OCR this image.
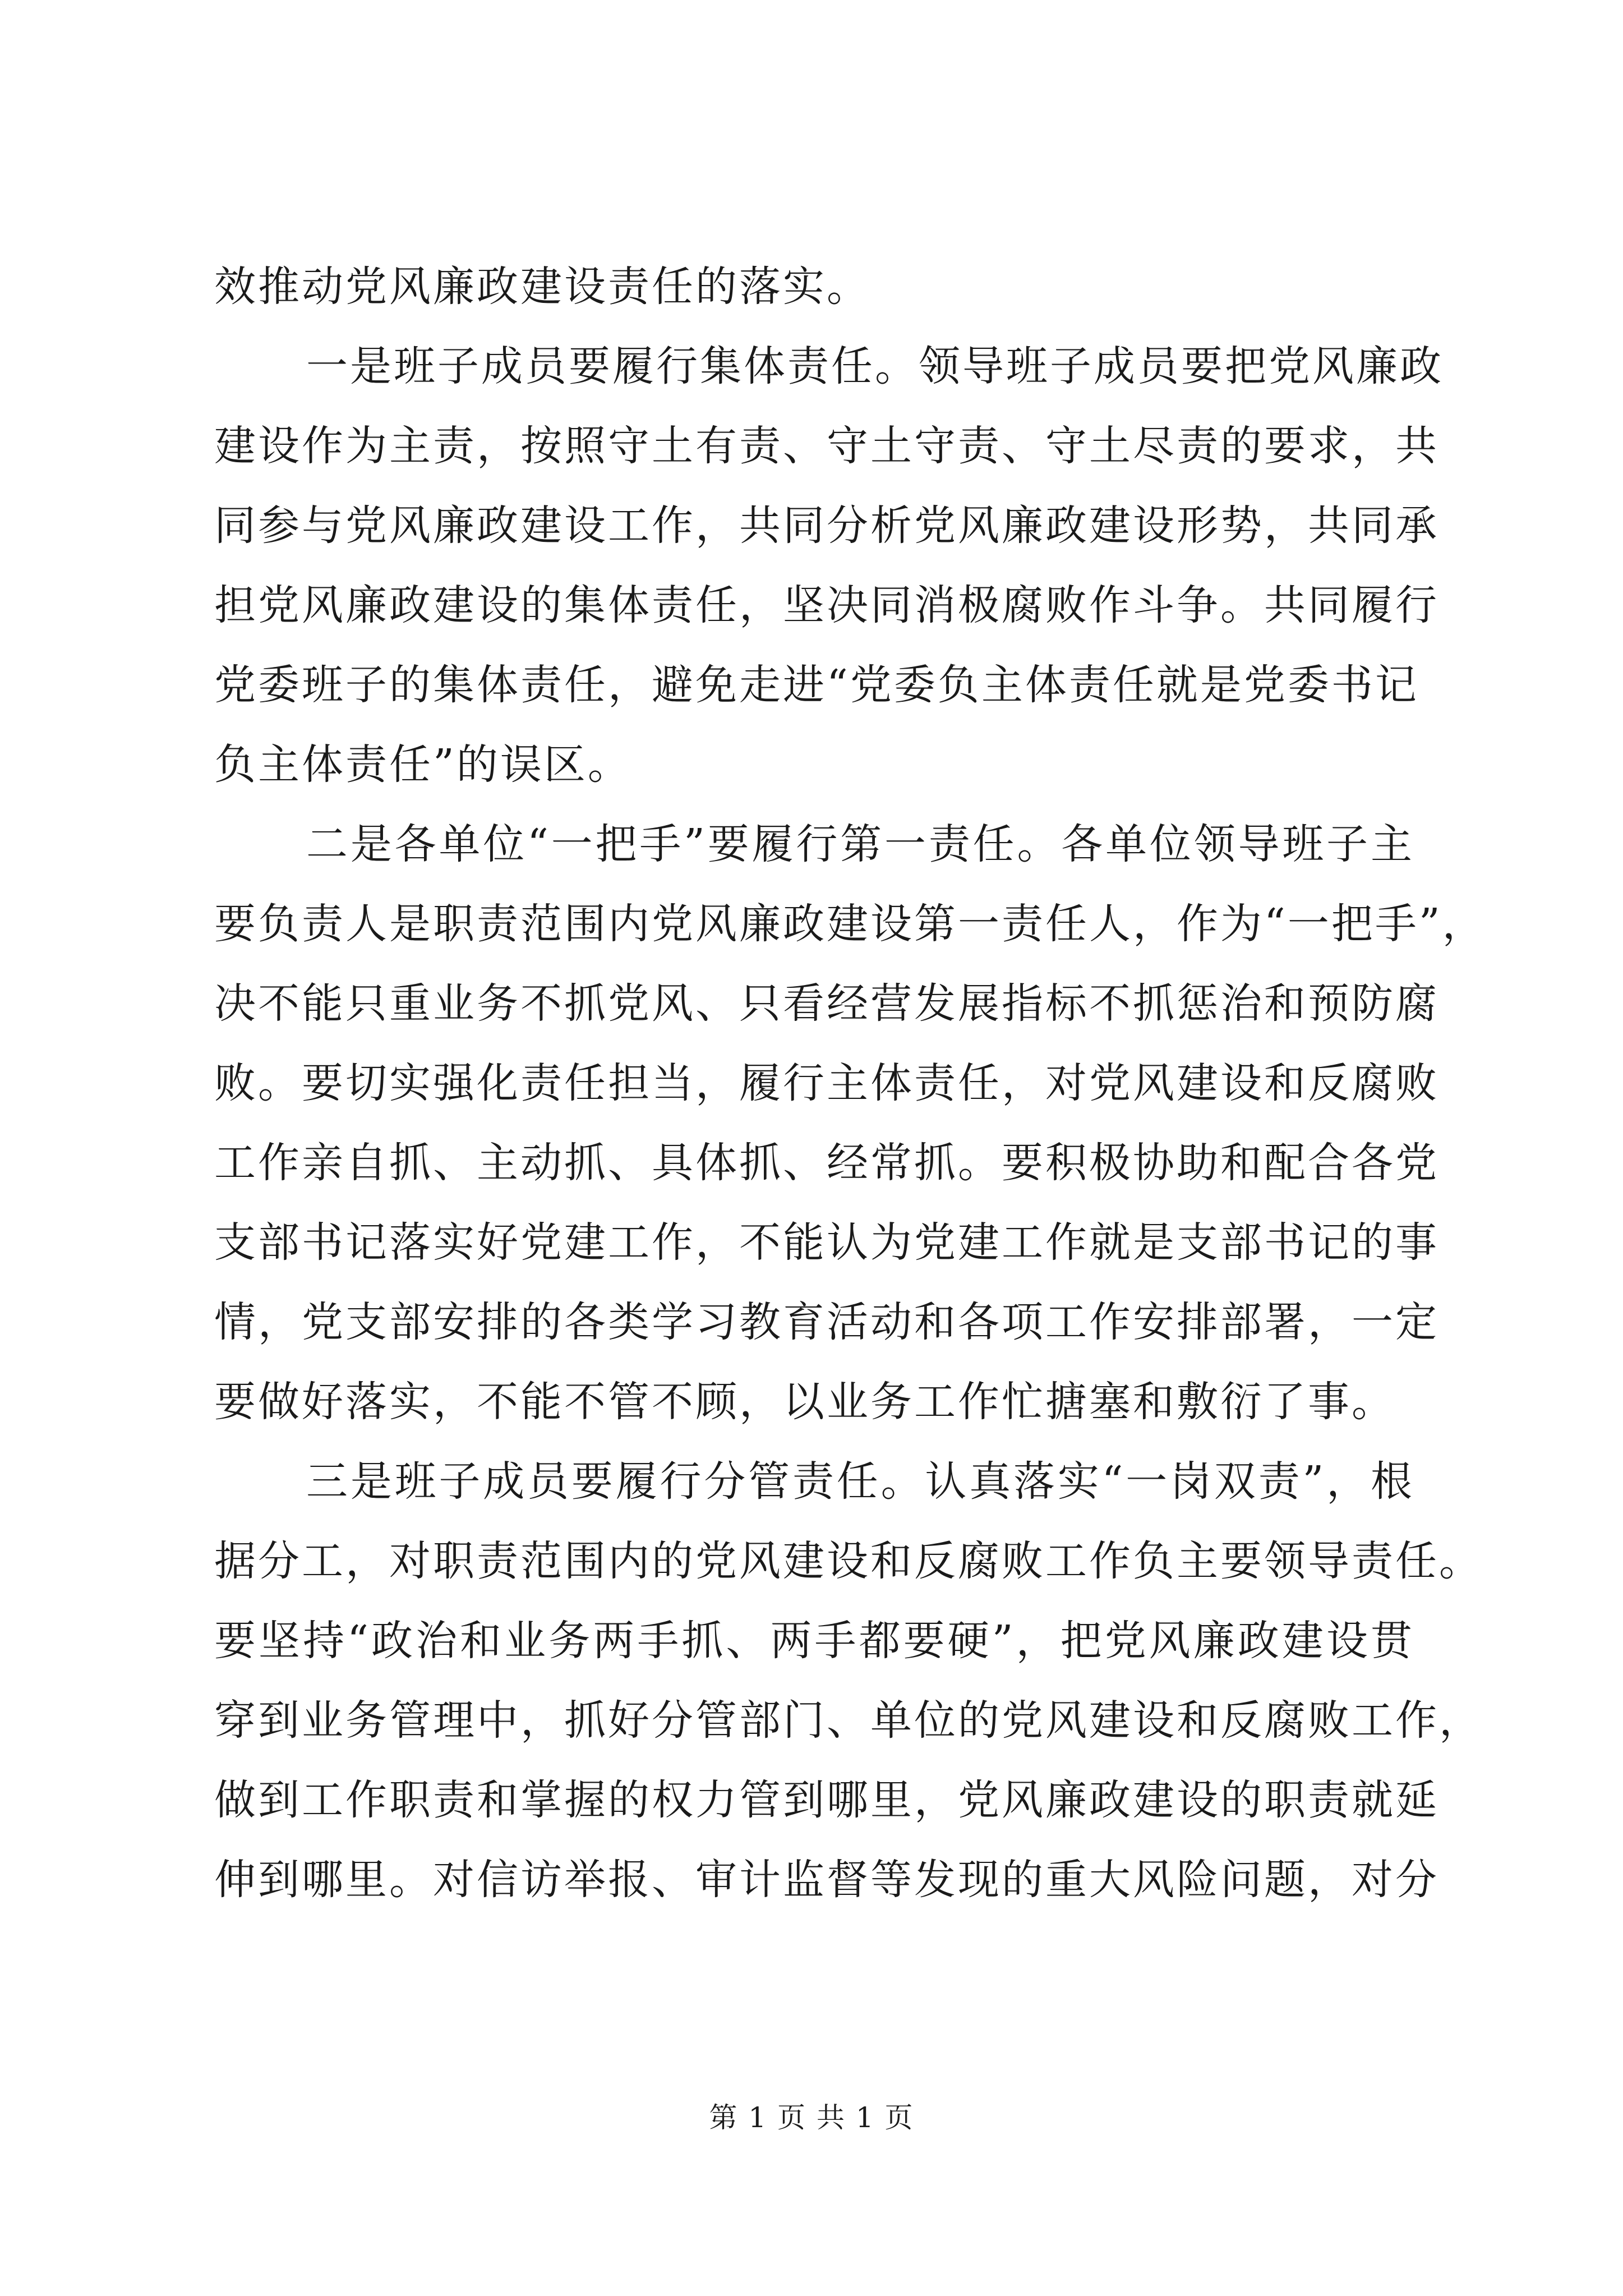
效推动党风廉政建设责任的落实。
一是班子成员要履行集体责任。领导班子成员要把党风廉政
建设作为主责，按照守土有责、守土守责、守土尽责的要求，共
同参与党风廉政建设工作，共同分析党风廉政建设形势，共同承
担党风廉政建设的集体责任，坚决同消极腐败作斗争。共同履行
党委班子的集体责任，避免走进“党委负主体责任就是党委书记
负主体责任”的误区。
二是各单位“一把手”要履行第一责任。各单位领导班子主
要负责人是职责范围内党风廉政建设第一责任人，作为“一把手”，
决不能只重业务不抓党风、只看经营发展指标不抓惩治和预防腐
败。要切实强化责任担当，履行主体责任，对党风建设和反腐败
工作亲自抓、主动抓、具体抓、经常抓。要积极协助和配合各党
支部书记落实好党建工作，不能认为党建工作就是支部书记的事
情，党支部安排的各类学习教育活动和各项工作安排部署，一定
要做好落实，不能不管不顾，以业务工作忙搪塞和敷衍了事。
三是班子成员要履行分管责任。认真落实“一岗双责”，根
据分工，对职责范围内的党风建设和反腐败工作负主要领导责任。
要坚持“政治和业务两手抓、两手都要硬”，把党风廉政建设贯
穿到业务管理中，抓好分管部门、单位的党风建设和反腐败工作，
做到工作职责和掌握的权力管到哪里，党风廉政建设的职责就延
伸到哪里。对信访举报、审计监督等发现的重大风险问题，对分
第 1 页 共 1 页
